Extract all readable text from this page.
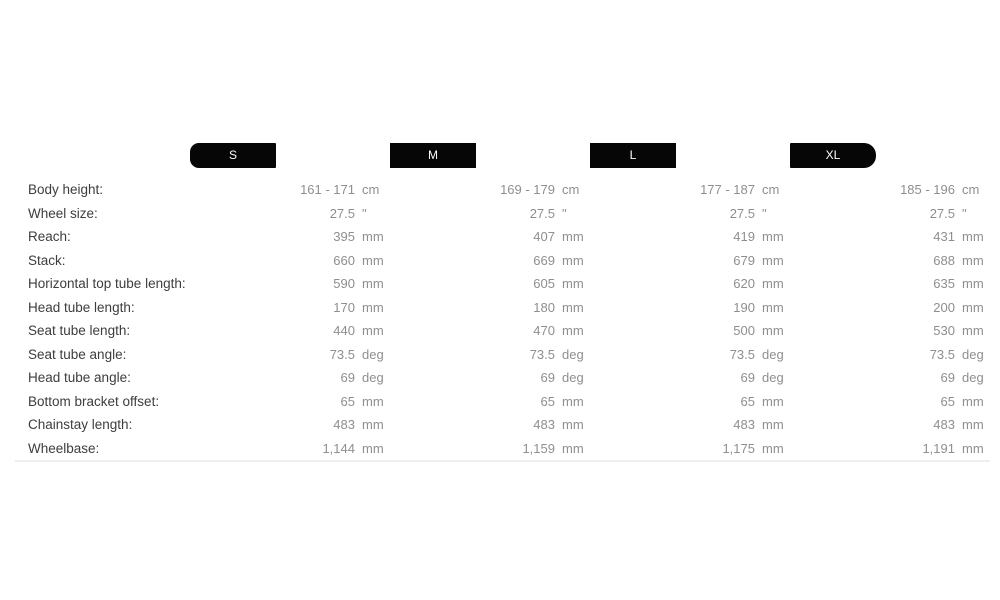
S	M	L	XL
Body height:	161 - 171 cm	169 - 179 cm	177 - 187 cm	185 - 196 cm
Wheel size:	27.5 "	27.5 "	27.5 "	27.5 "
Reach:	395 mm	407 mm	419 mm	431 mm
Stack:	660 mm	669 mm	679 mm	688 mm
Horizontal top tube length:	590 mm	605 mm	620 mm	635 mm
Head tube length:	170 mm	180 mm	190 mm	200 mm
Seat tube length:	440 mm	470 mm	500 mm	530 mm
Seat tube angle:	73.5 deg	73.5 deg	73.5 deg	73.5 deg
Head tube angle:	69 deg	69 deg	69 deg	69 deg
Bottom bracket offset:	65 mm	65 mm	65 mm	65 mm
Chainstay length:	483 mm	483 mm	483 mm	483 mm
Wheelbase:	1,144 mm	1,159 mm	1,175 mm	1,191 mm
